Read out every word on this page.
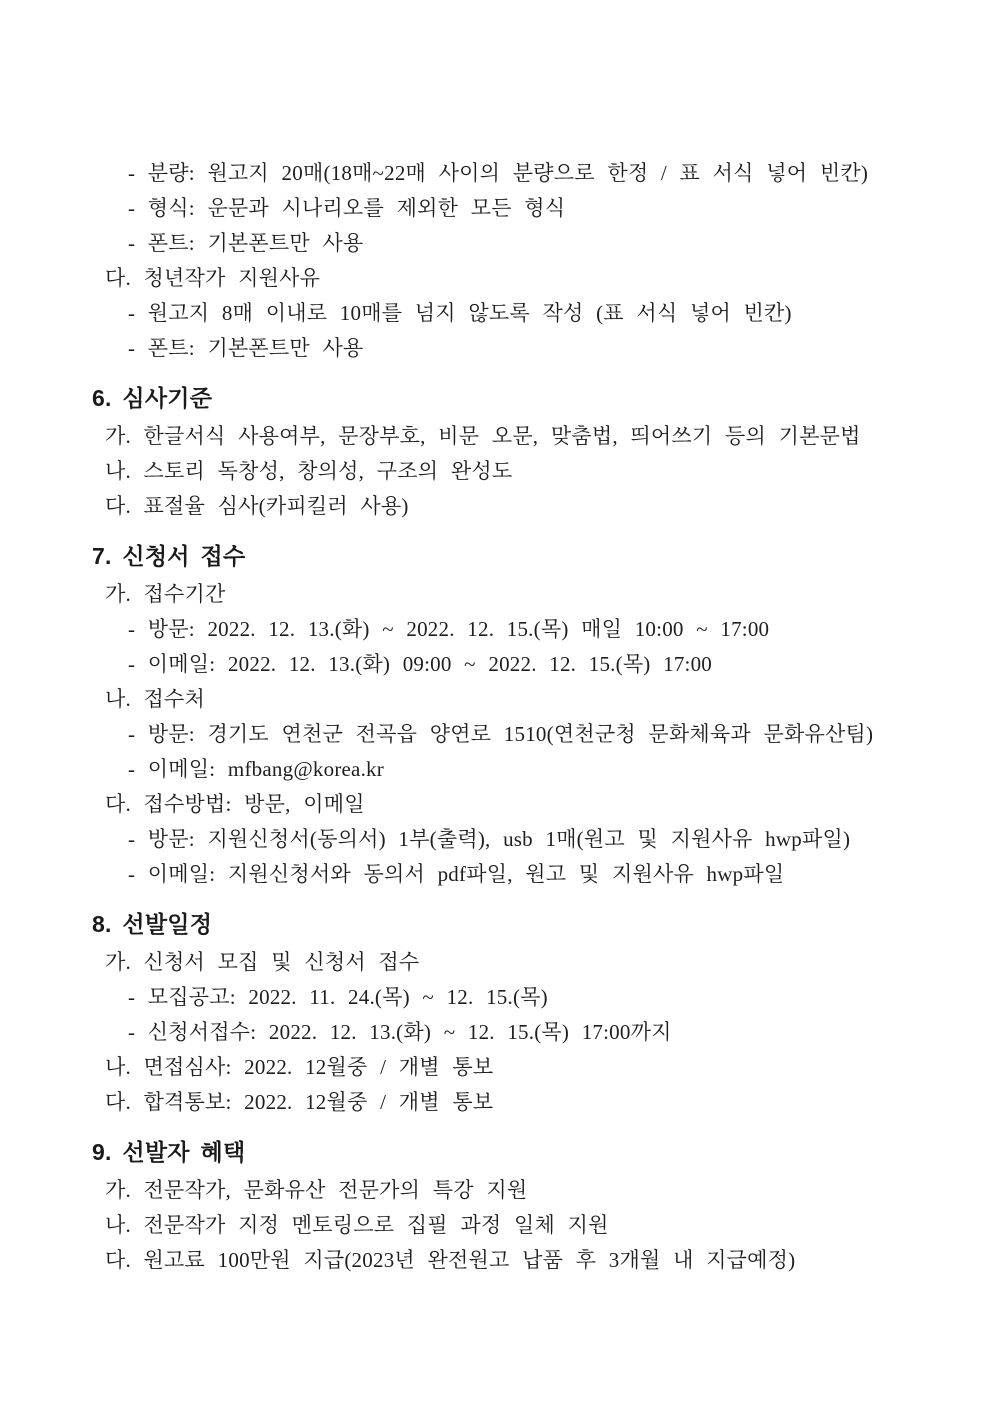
- 분량: 원고지 20매(18매~22매 사이의 분량으로 한정 / 표 서식 넣어 빈칸)
- 형식: 운문과 시나리오를 제외한 모든 형식
- 폰트: 기본폰트만 사용
다. 청년작가 지원사유
- 원고지 8매 이내로 10매를 넘지 않도록 작성 (표 서식 넣어 빈칸)
- 폰트: 기본폰트만 사용
6. 심사기준
가. 한글서식 사용여부, 문장부호, 비문 오문, 맞춤법, 띄어쓰기 등의 기본문법
나. 스토리 독창성, 창의성, 구조의 완성도
다. 표절율 심사(카피킬러 사용)
7. 신청서 접수
가. 접수기간
- 방문: 2022. 12. 13.(화) ~ 2022. 12. 15.(목) 매일 10:00 ~ 17:00
- 이메일: 2022. 12. 13.(화) 09:00 ~ 2022. 12. 15.(목) 17:00
나. 접수처
- 방문: 경기도 연천군 전곡읍 양연로 1510(연천군청 문화체육과 문화유산팀)
- 이메일: mfbang@korea.kr
다. 접수방법: 방문, 이메일
- 방문: 지원신청서(동의서) 1부(출력), usb 1매(원고 및 지원사유 hwp파일)
- 이메일: 지원신청서와 동의서 pdf파일, 원고 및 지원사유 hwp파일
8. 선발일정
가. 신청서 모집 및 신청서 접수
- 모집공고: 2022. 11. 24.(목) ~ 12. 15.(목)
- 신청서접수: 2022. 12. 13.(화) ~ 12. 15.(목) 17:00까지
나. 면접심사: 2022. 12월중 / 개별 통보
다. 합격통보: 2022. 12월중 / 개별 통보
9. 선발자 혜택
가. 전문작가, 문화유산 전문가의 특강 지원
나. 전문작가 지정 멘토링으로 집필 과정 일체 지원
다. 원고료 100만원 지급(2023년 완전원고 납품 후 3개월 내 지급예정)
